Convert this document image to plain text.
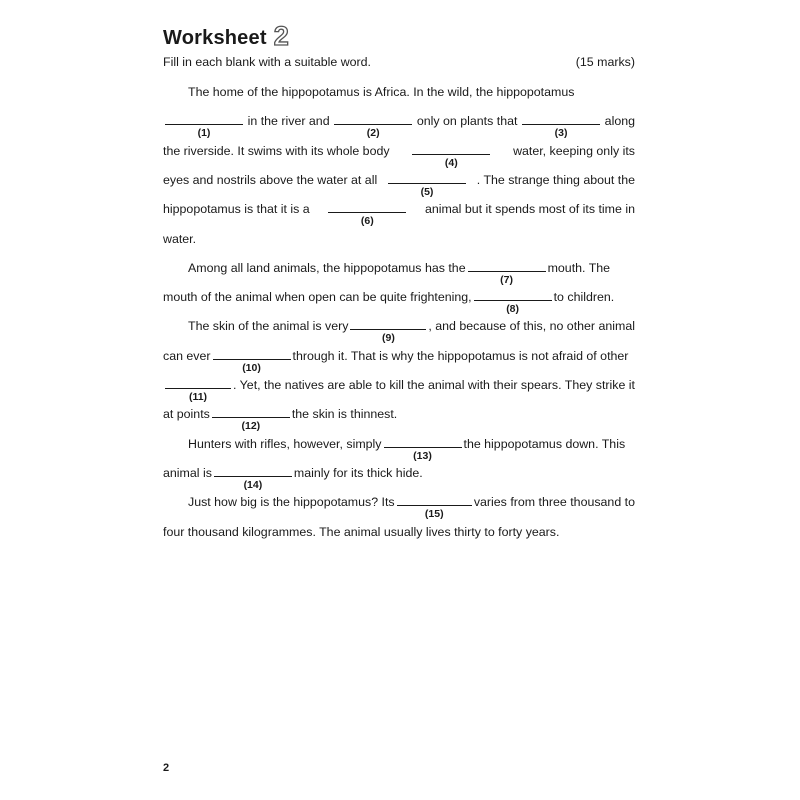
Worksheet 2
Fill in each blank with a suitable word.	(15 marks)
The home of the hippopotamus is Africa. In the wild, the hippopotamus
(1)
in the river and
(2)
only on plants that
(3)
along
the riverside. It swims with its whole body
(4)
water, keeping only its
eyes and nostrils above the water at all
(5)
. The strange thing about the
hippopotamus is that it is a
(6)
animal but it spends most of its time in
water.
Among all land animals, the hippopotamus has the
(7)
mouth. The
mouth of the animal when open can be quite frightening,
(8)
to children.
The skin of the animal is very
(9)
, and because of this, no other animal
can ever
(10)
through it. That is why the hippopotamus is not afraid of other
(11)
. Yet, the natives are able to kill the animal with their spears. They strike it
at points
(12)
the skin is thinnest.
Hunters with rifles, however, simply
(13)
the hippopotamus down. This
animal is
(14)
mainly for its thick hide.
Just how big is the hippopotamus? Its
(15)
varies from three thousand to
four thousand kilogrammes. The animal usually lives thirty to forty years.
2
